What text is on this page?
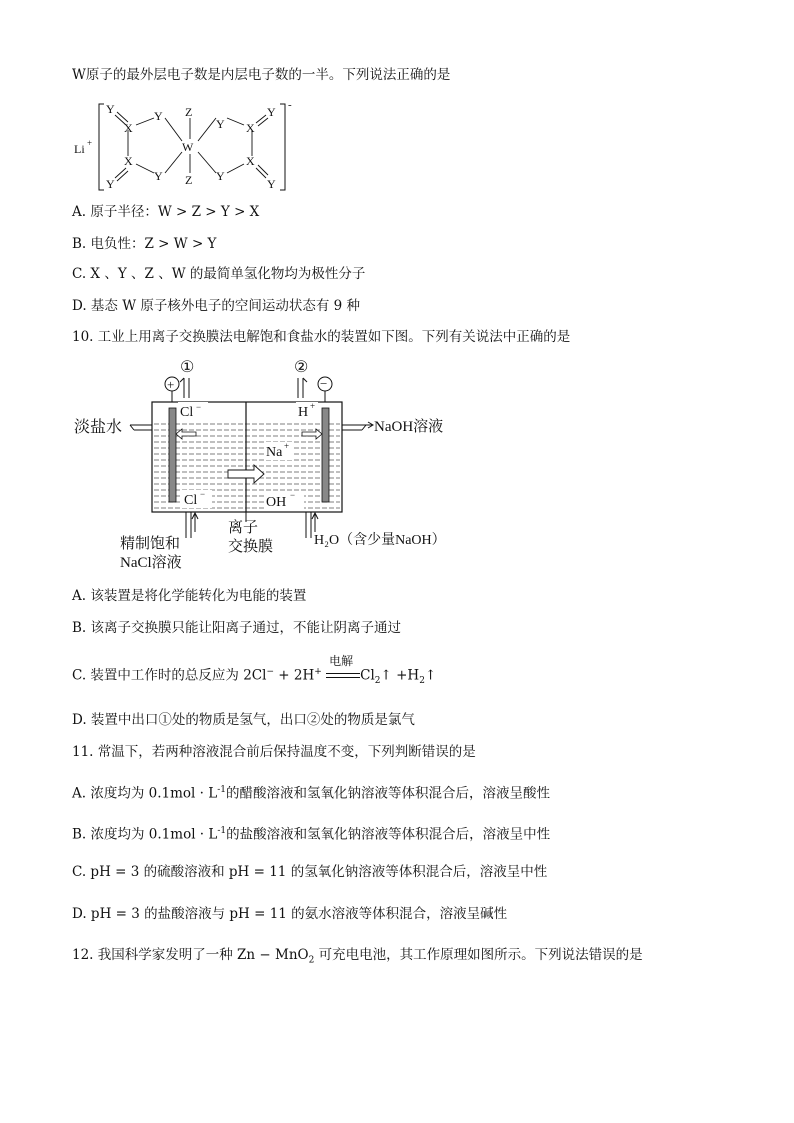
W原子的最外层电子数是内层电子数的一半。下列说法正确的是
Li +
-
Y
X
Y Z
W
Z
Y X
Y
X
Y
Y	Y
X
Y
A. 原子半径：W > Z > Y > X
B. 电负性：Z > W > Y
C. X 、Y 、Z 、W 的最简单氢化物均为极性分子
D. 基态 W 原子核外电子的空间运动状态有 9 种
10. 工业上用离子交换膜法电解饱和食盐水的装置如下图。下列有关说法中正确的是
①	②
+	−
Cl −	H +
Na +
Cl −
OH −
淡盐水	NaOH溶液
离子
交换膜
精制饱和
NaCl溶液
H₂O（含少量NaOH）
A. 该装置是将化学能转化为电能的装置
B. 该离子交换膜只能让阳离子通过，不能让阴离子通过
C. 装置中工作时的总反应为 2Cl− + 2H+
电解
$Cl_2↑$ $+H_2↑$
D. 装置中出口①处的物质是氢气，出口②处的物质是氯气
11. 常温下，若两种溶液混合前后保持温度不变，下列判断错误的是
A. 浓度均为 $0.1mol \cdot L^{-1}$的醋酸溶液和氢氧化钠溶液等体积混合后，溶液呈酸性
B. 浓度均为 $0.1mol \cdot L^{-1}$的盐酸溶液和氢氧化钠溶液等体积混合后，溶液呈中性
C. pH = 3 的硫酸溶液和 pH = 11 的氢氧化钠溶液等体积混合后，溶液呈中性
D. pH = 3 的盐酸溶液与 pH = 11 的氨水溶液等体积混合，溶液呈碱性
12. 我国科学家发明了一种 Zn − MnO$_2$ 可充电电池，其工作原理如图所示。下列说法错误的是
